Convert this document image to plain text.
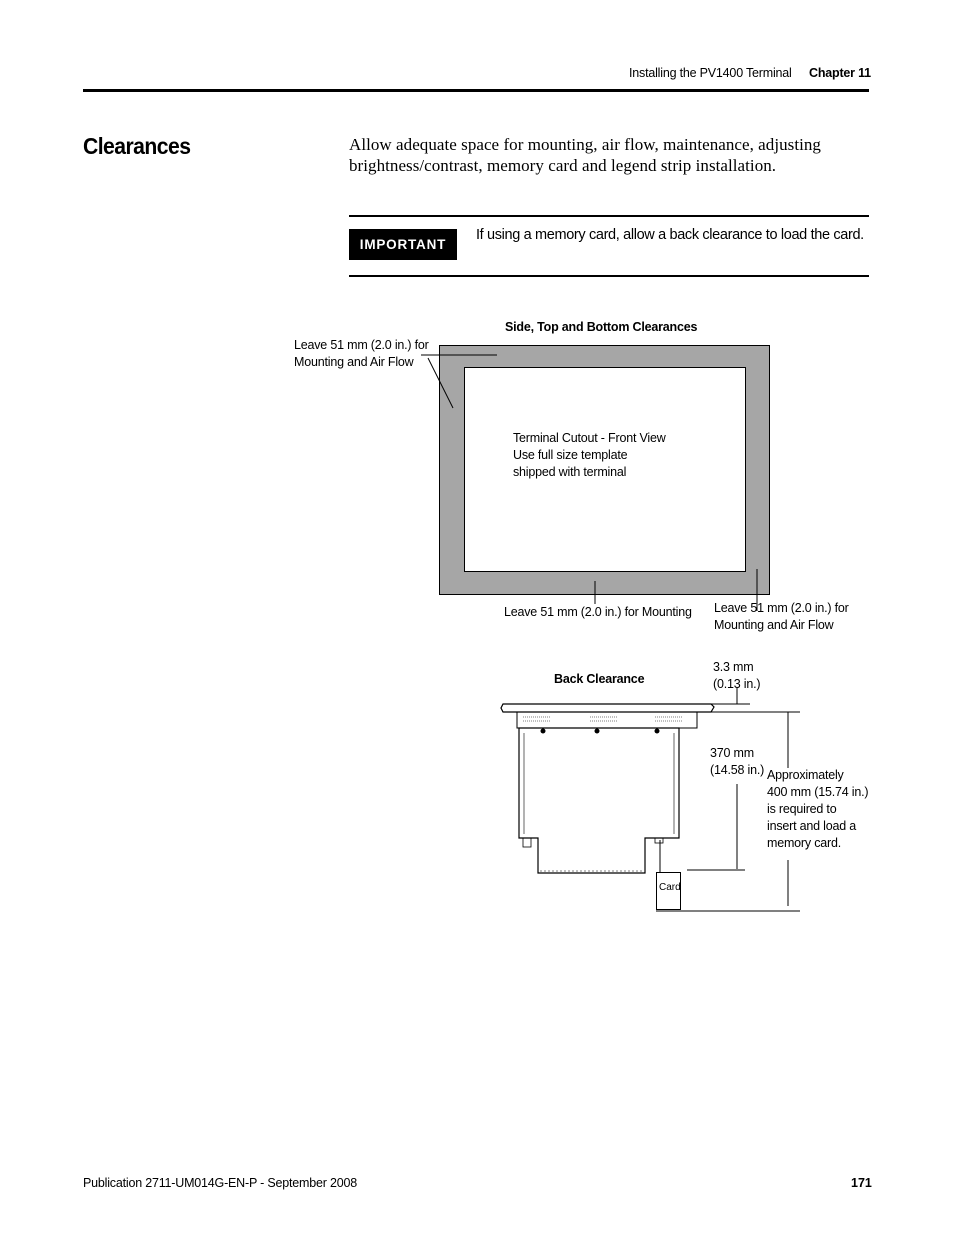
Installing the PV1400 Terminal Chapter 11
Clearances	Allow adequate space for mounting, air flow, maintenance, adjusting brightness/contrast, memory card and legend strip installation.

IMPORTANT
If using a memory card, allow a back clearance to load the card.
Side, Top and Bottom Clearances
Leave 51 mm (2.0 in.) for
Mounting and Air Flow
Terminal Cutout - Front View
Use full size template
shipped with terminal
Leave 51 mm (2.0 in.) for Mounting Leave 51 mm (2.0 in.) for
Mounting and Air Flow
Back Clearance
3.3 mm
(0.13 in.)
370 mm
(14.58 in.) Approximately
400 mm (15.74 in.)
is required to
insert and load a
memory card.
Card
Publication 2711-UM014G-EN-P - September 2008	171
